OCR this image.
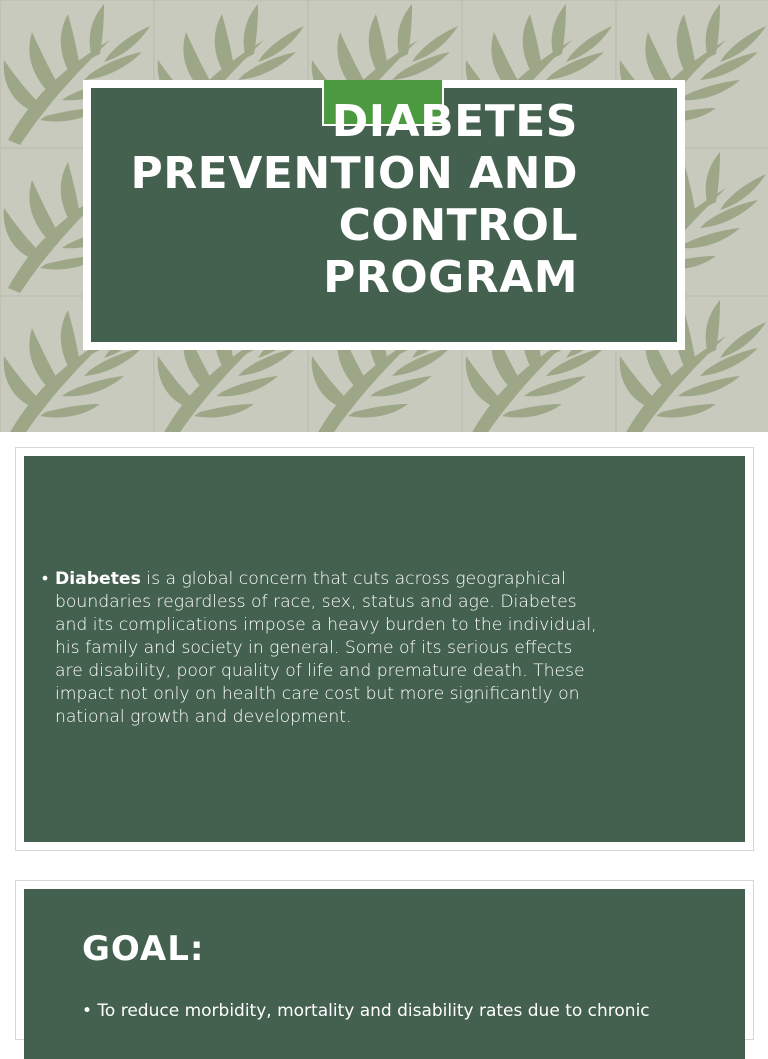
DIABETES
PREVENTION AND
CONTROL
PROGRAM
• Diabetes is a global concern that cuts across geographical boundaries regardless of race, sex, status and age. Diabetes and its complications impose a heavy burden to the individual, his family and society in general. Some of its serious effects are disability, poor quality of life and premature death. These impact not only on health care cost but more significantly on national growth and development.
GOAL:
• To reduce morbidity, mortality and disability rates due to chronic
